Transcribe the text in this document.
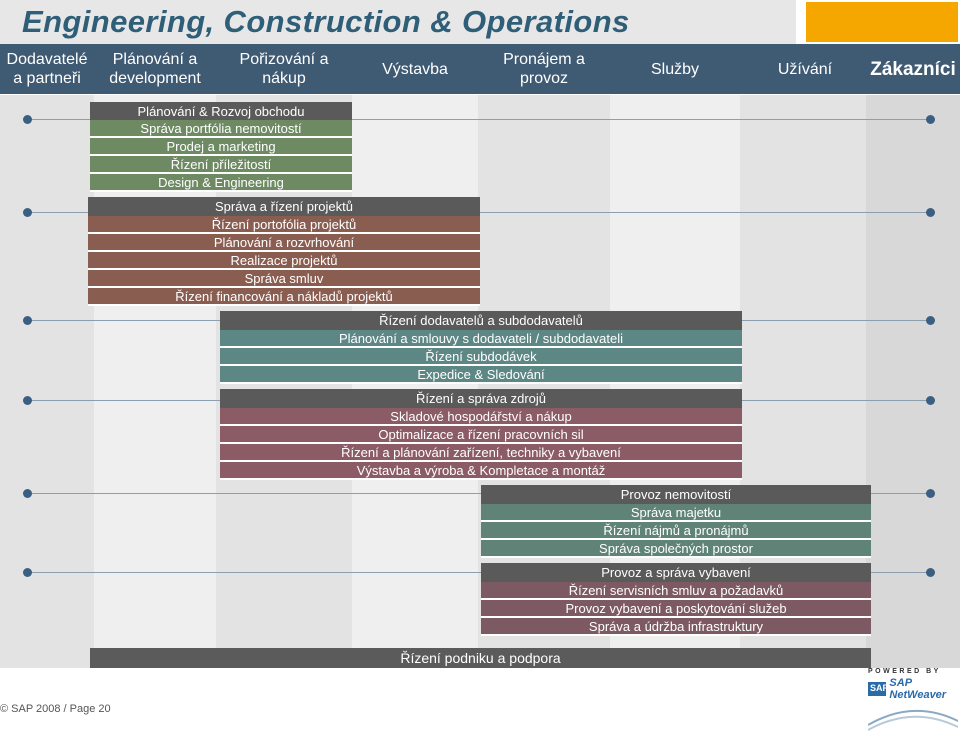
Engineering, Construction & Operations
Dodavatelé a partneři
Plánování a development
Pořizování a nákup
Výstavba
Pronájem a provoz
Služby	Užívání	Zákazníci
Plánování & Rozvoj obchodu
Správa portfólia nemovitostí
Prodej a marketing
Řízení příležitostí
Design & Engineering
Správa a řízení projektů
Řízení portofólia projektů
Plánování a rozvrhování
Realizace projektů
Správa smluv
Řízení financování a nákladů projektů
Řízení dodavatelů a subdodavatelů
Plánování a smlouvy s dodavateli / subdodavateli
Řízení subdodávek
Expedice & Sledování
Řízení a správa zdrojů
Skladové hospodářství a nákup
Optimalizace a řízení pracovních sil
Řízení a plánování zařízení, techniky a vybavení
Výstavba a výroba & Kompletace a montáž
Provoz nemovitostí
Správa majetku
Řízení nájmů a pronájmů
Správa společných prostor
Provoz a správa vybavení
Řízení servisních smluv a požadavků
Provoz vybavení a poskytování služeb
Správa a údržba infrastruktury
Řízení podniku a podpora
© SAP 2008 / Page 20
POWERED BY
SAP SAP NetWeaver
